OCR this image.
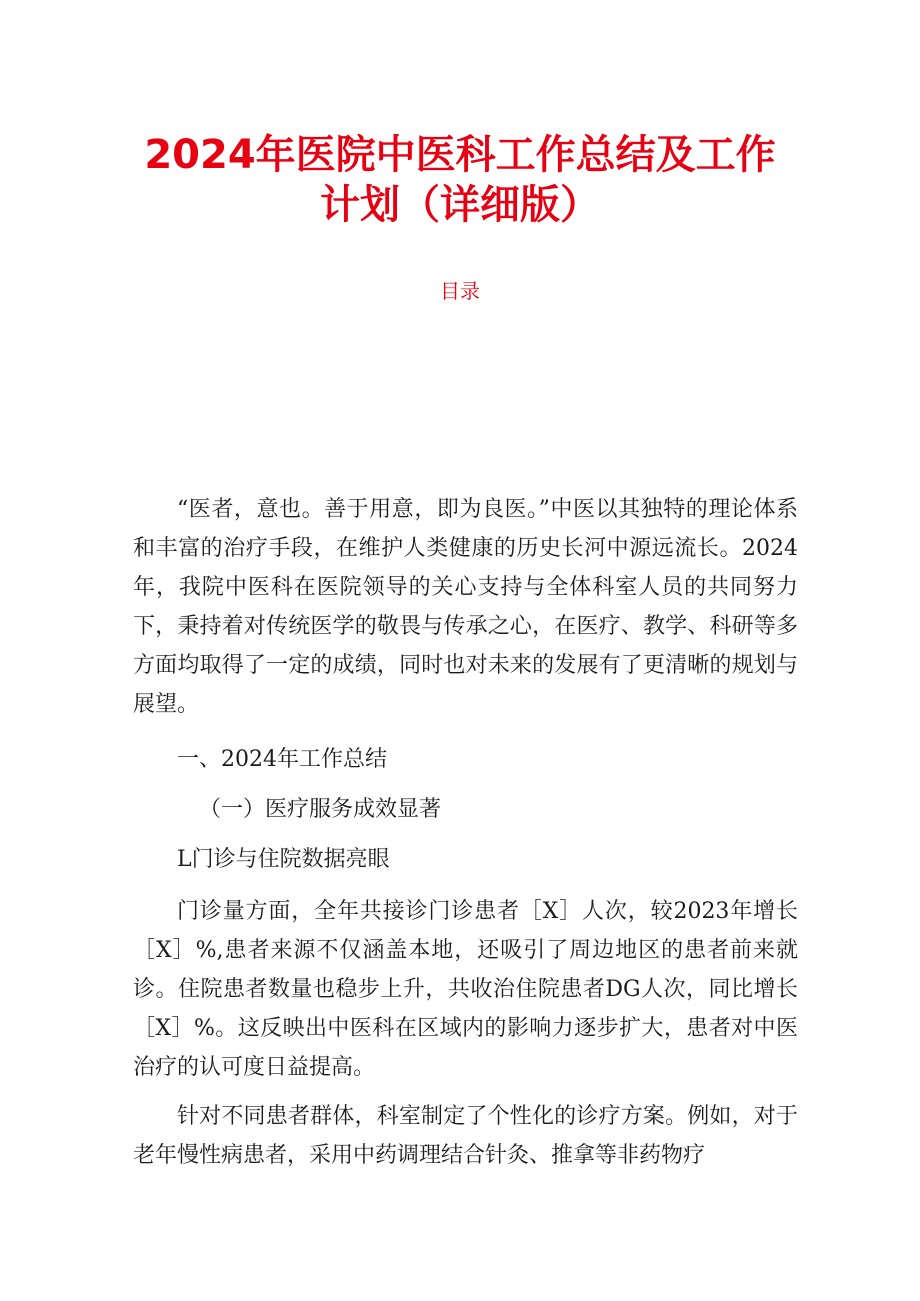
2024年医院中医科工作总结及工作
计划（详细版）
目录

“医者，意也。善于用意，即为良医。”中医以其独特的理论体系和丰富的治疗手段，在维护人类健康的历史长河中源远流长。2024年，我院中医科在医院领导的关心支持与全体科室人员的共同努力下，秉持着对传统医学的敬畏与传承之心，在医疗、教学、科研等多方面均取得了一定的成绩，同时也对未来的发展有了更清晰的规划与展望。

一、2024年工作总结

（一）医疗服务成效显著

L门诊与住院数据亮眼

门诊量方面，全年共接诊门诊患者［X］人次，较2023年增长［X］%,患者来源不仅涵盖本地，还吸引了周边地区的患者前来就诊。住院患者数量也稳步上升，共收治住院患者DG人次，同比增长［X］%。这反映出中医科在区域内的影响力逐步扩大，患者对中医治疗的认可度日益提高。

针对不同患者群体，科室制定了个性化的诊疗方案。例如，对于老年慢性病患者，采用中药调理结合针灸、推拿等非药物疗
